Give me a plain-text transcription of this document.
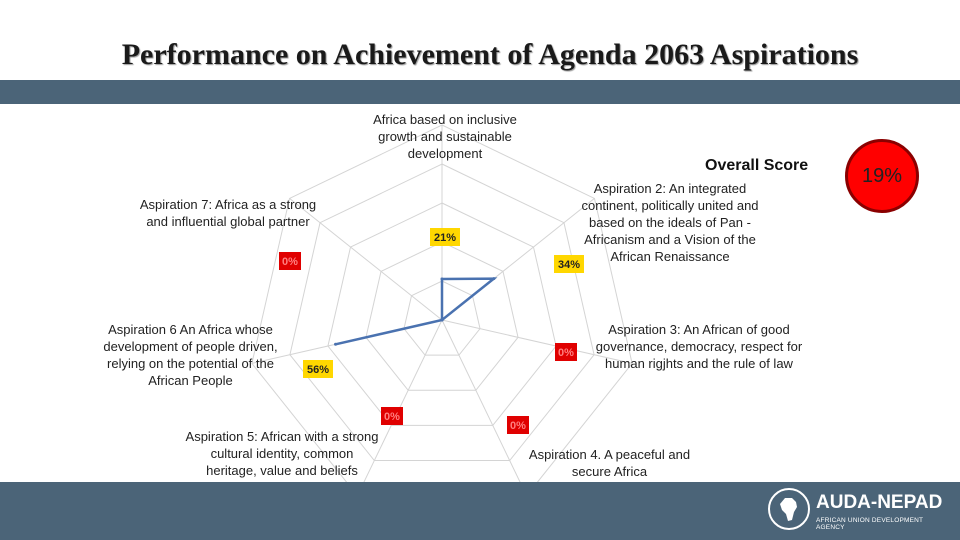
Performance on Achievement of Agenda 2063 Aspirations
21%
34%
0%
0%
0%
56%
0%
Africa based on inclusive growth and sustainable development
Aspiration 2: An integrated continent, politically united and based on the ideals of Pan - Africanism and a Vision of the African Renaissance
Aspiration 3: An African of good governance, democracy, respect for human rigjhts and the rule of law
Aspiration 4. A peaceful and secure Africa
Aspiration 5: African with a strong cultural identity, common heritage, value and beliefs
Aspiration 6 An Africa whose development of people driven, relying on the potential of the African People
Aspiration 7: Africa as a strong and influential global partner
Overall Score	19%
AUDA-NEPAD
AFRICAN UNION DEVELOPMENT AGENCY
